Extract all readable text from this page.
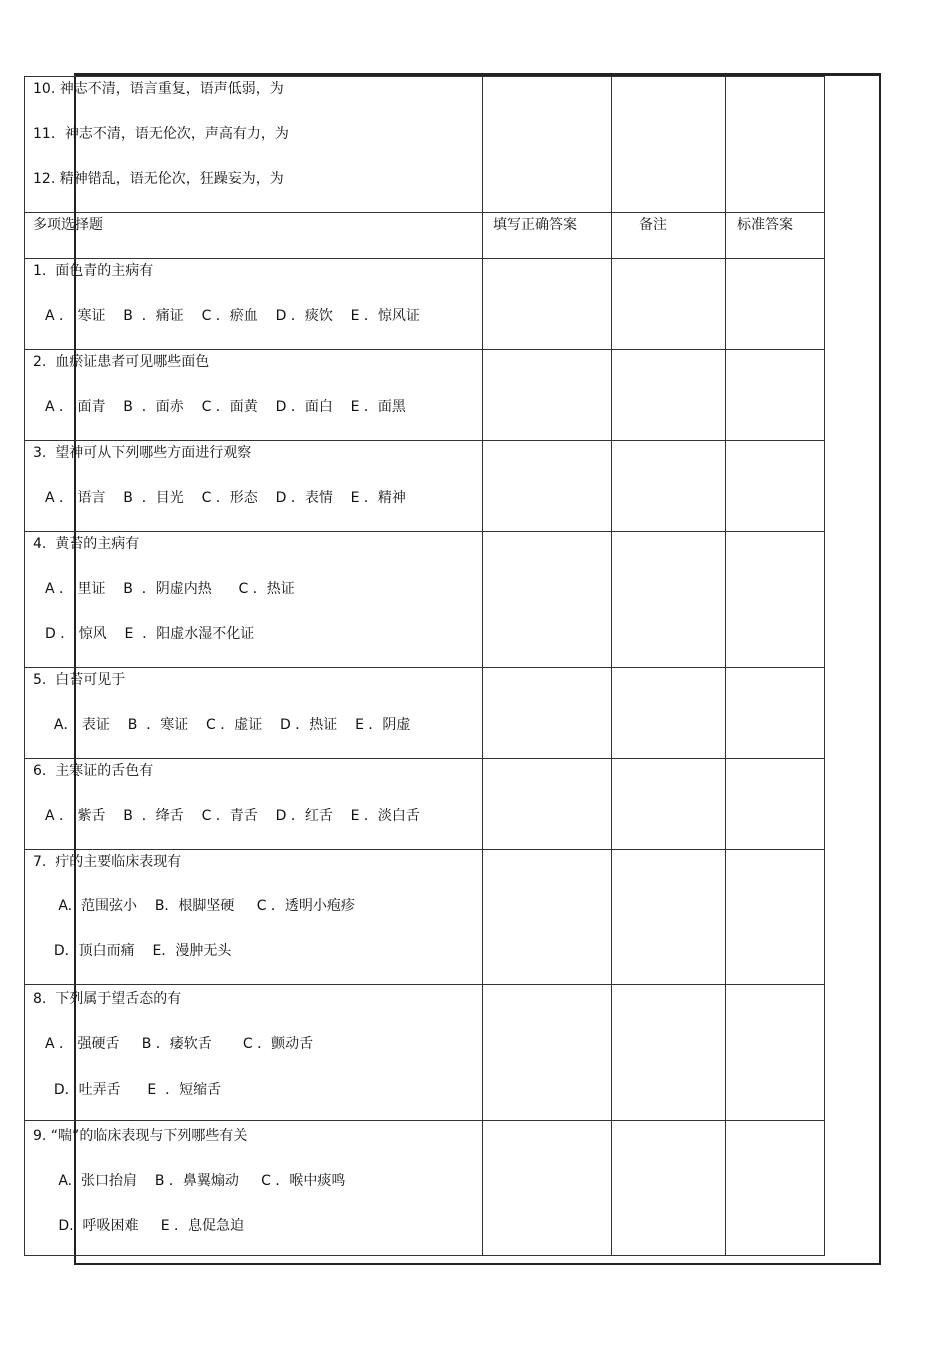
10. 神志不清，语言重复，语声低弱，为
11．神志不清，语无伦次，声高有力，为
12. 精神错乱，语无伦次，狂躁妄为，为			

多项选择题	填写正确答案	备注	标准答案

1.  面色青的主病有
A ． 寒证    B  ．痛证    C ．瘀血    D ．痰饮    E ．惊风证			

2.  血瘀证患者可见哪些面色
A ． 面青    B  ．面赤    C ．面黄    D ．面白    E ．面黑			

3.  望神可从下列哪些方面进行观察
A ． 语言    B  ．目光    C ．形态    D ．表情    E ．精神			

4.  黄苔的主病有
A ． 里证    B  ．阴虚内热      C ．热证
D ． 惊风    E  ．阳虚水湿不化证			

5.  白苔可见于
A． 表证    B  ．寒证    C ．虚证    D ．热证    E ．阴虚			

6.  主寒证的舌色有
A ． 紫舌    B  ．绛舌    C ．青舌    D ．红舌    E ．淡白舌			

7.  疔的主要临床表现有
A.  范围弦小    B．根脚坚硬     C ．透明小疱疹
D．顶白而痛    E．漫肿无头			

8.  下列属于望舌态的有
A ． 强硬舌     B ．痿软舌       C ．颤动舌
D．吐弄舌      E  ．短缩舌			

9. “喘”的临床表现与下列哪些有关
A.  张口抬肩    B ．鼻翼煽动     C ．喉中痰鸣
D.  呼吸困难     E ．息促急迫			
